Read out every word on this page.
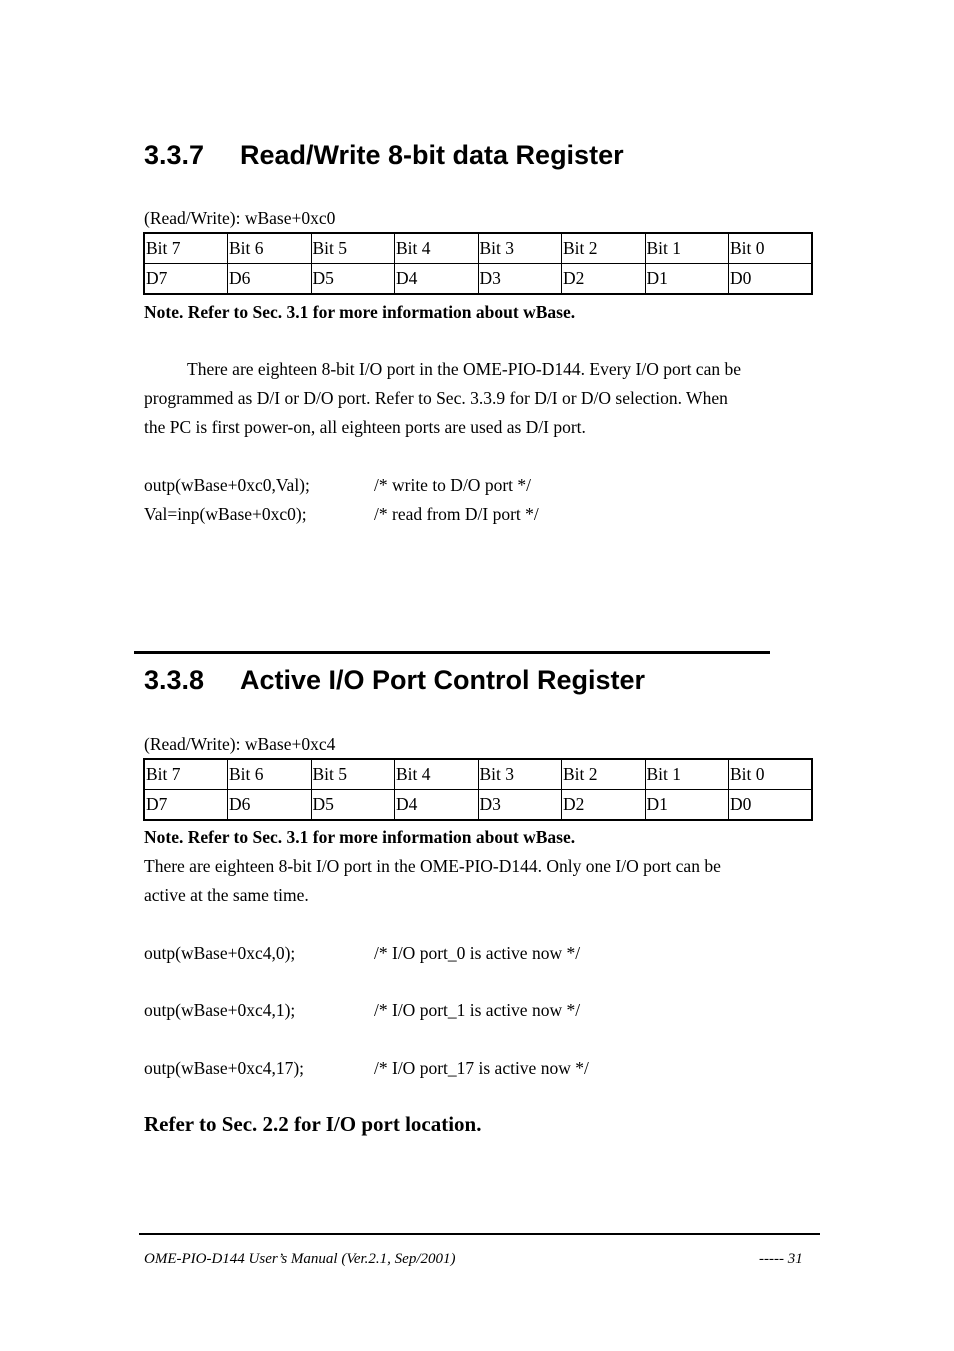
3.3.7 Read/Write 8-bit data Register
(Read/Write): wBase+0xc0
Bit 7	Bit 6	Bit 5	Bit 4	Bit 3	Bit 2	Bit 1	Bit 0
D7	D6	D5	D4	D3	D2	D1	D0
Note. Refer to Sec. 3.1 for more information about wBase.
There are eighteen 8-bit I/O port in the OME-PIO-D144. Every I/O port can be
programmed as D/I or D/O port. Refer to Sec. 3.3.9 for D/I or D/O selection. When
the PC is first power-on, all eighteen ports are used as D/I port.
outp(wBase+0xc0,Val);	/* write to D/O port */
Val=inp(wBase+0xc0);	/* read from D/I port */
3.3.8 Active I/O Port Control Register
(Read/Write): wBase+0xc4
Bit 7	Bit 6	Bit 5	Bit 4	Bit 3	Bit 2	Bit 1	Bit 0
D7	D6	D5	D4	D3	D2	D1	D0
Note. Refer to Sec. 3.1 for more information about wBase.
There are eighteen 8-bit I/O port in the OME-PIO-D144. Only one I/O port can be
active at the same time.
outp(wBase+0xc4,0);	/* I/O port_0 is active now */
outp(wBase+0xc4,1);	/* I/O port_1 is active now */
outp(wBase+0xc4,17);	/* I/O port_17 is active now */
Refer to Sec. 2.2 for I/O port location.
OME-PIO-D144 User’s Manual (Ver.2.1, Sep/2001)	----- 31
